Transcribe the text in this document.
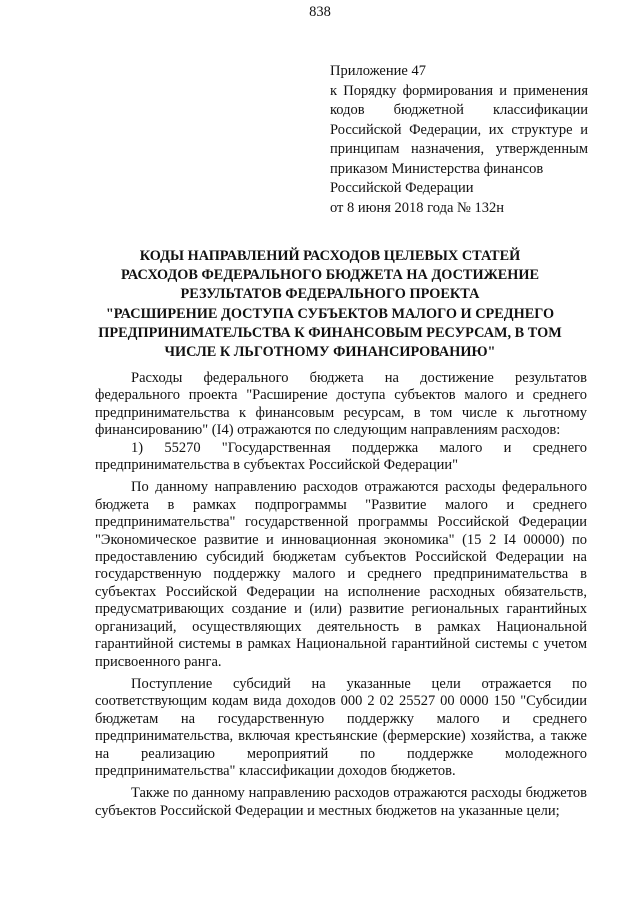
838
Приложение 47
к Порядку формирования и применения
кодов бюджетной классификации
Российской Федерации, их структуре и
принципам назначения, утвержденным
приказом Министерства финансов
Российской Федерации
от 8 июня 2018 года № 132н
КОДЫ НАПРАВЛЕНИЙ РАСХОДОВ ЦЕЛЕВЫХ СТАТЕЙ
РАСХОДОВ ФЕДЕРАЛЬНОГО БЮДЖЕТА НА ДОСТИЖЕНИЕ
РЕЗУЛЬТАТОВ ФЕДЕРАЛЬНОГО ПРОЕКТА
"РАСШИРЕНИЕ ДОСТУПА СУБЪЕКТОВ МАЛОГО И СРЕДНЕГО
ПРЕДПРИНИМАТЕЛЬСТВА К ФИНАНСОВЫМ РЕСУРСАМ, В ТОМ
ЧИСЛЕ К ЛЬГОТНОМУ ФИНАНСИРОВАНИЮ"

Расходы федерального бюджета на достижение результатов федерального проекта "Расширение доступа субъектов малого и среднего предпринимательства к финансовым ресурсам, в том числе к льготному финансированию" (I4) отражаются по следующим направлениям расходов:

1) 55270 "Государственная поддержка малого и среднего предпринимательства в субъектах Российской Федерации"

По данному направлению расходов отражаются расходы федерального бюджета в рамках подпрограммы "Развитие малого и среднего предпринимательства" государственной программы Российской Федерации "Экономическое развитие и инновационная экономика" (15 2 I4 00000) по предоставлению субсидий бюджетам субъектов Российской Федерации на государственную поддержку малого и среднего предпринимательства в субъектах Российской Федерации на исполнение расходных обязательств, предусматривающих создание и (или) развитие региональных гарантийных организаций, осуществляющих деятельность в рамках Национальной гарантийной системы в рамках Национальной гарантийной системы с учетом присвоенного ранга.

Поступление субсидий на указанные цели отражается по соответствующим кодам вида доходов 000 2 02 25527 00 0000 150 "Субсидии бюджетам на государственную поддержку малого и среднего предпринимательства, включая крестьянские (фермерские) хозяйства, а также на реализацию мероприятий по поддержке молодежного предпринимательства" классификации доходов бюджетов.

Также по данному направлению расходов отражаются расходы бюджетов субъектов Российской Федерации и местных бюджетов на указанные цели;
